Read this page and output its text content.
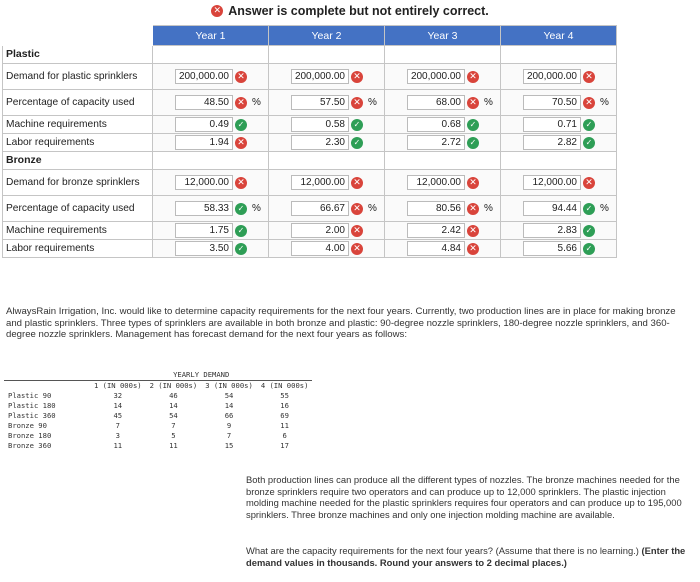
✕ Answer is complete but not entirely correct.
	Year 1	Year 2	Year 3	Year 4
Plastic				
Demand for plastic sprinklers	200,000.00 ✕	200,000.00 ✕	200,000.00 ✕	200,000.00 ✕

Percentage of capacity used	48.50 ✕ %	57.50 ✕ %	68.00 ✕ %	70.50 ✕ %

Machine requirements	0.49 ✓	0.58 ✓	0.68 ✓	0.71 ✓

Labor requirements	1.94 ✕	2.30 ✓	2.72 ✓	2.82 ✓

Bronze				
Demand for bronze sprinklers	12,000.00 ✕	12,000.00 ✕	12,000.00 ✕	12,000.00 ✕

Percentage of capacity used	58.33 ✓ %	66.67 ✕ %	80.56 ✕ %	94.44 ✓ %

Machine requirements	1.75 ✓	2.00 ✕	2.42 ✕	2.83 ✓

Labor requirements	3.50 ✓	4.00 ✕	4.84 ✕	5.66 ✓
AlwaysRain Irrigation, Inc. would like to determine capacity requirements for the next four years. Currently, two production lines are in place for making bronze and plastic sprinklers. Three types of sprinklers are available in both bronze and plastic: 90-degree nozzle sprinklers, 180-degree nozzle sprinklers, and 360-degree nozzle sprinklers. Management has forecast demand for the next four years as follows:
	YEARLY DEMAND			
	1 (IN 000s)	2 (IN 000s)	3 (IN 000s)	4 (IN 000s)
Plastic 90	32	46	54	55
Plastic 180	14	14	14	16
Plastic 360	45	54	66	69
Bronze 90	7	7	9	11
Bronze 180	3	5	7	6
Bronze 360	11	11	15	17
Both production lines can produce all the different types of nozzles. The bronze machines needed for the bronze sprinklers require two operators and can produce up to 12,000 sprinklers. The plastic injection molding machine needed for the plastic sprinklers requires four operators and can produce up to 195,000 sprinklers. Three bronze machines and only one injection molding machine are available.
What are the capacity requirements for the next four years? (Assume that there is no learning.) (Enter the demand values in thousands. Round your answers to 2 decimal places.)
